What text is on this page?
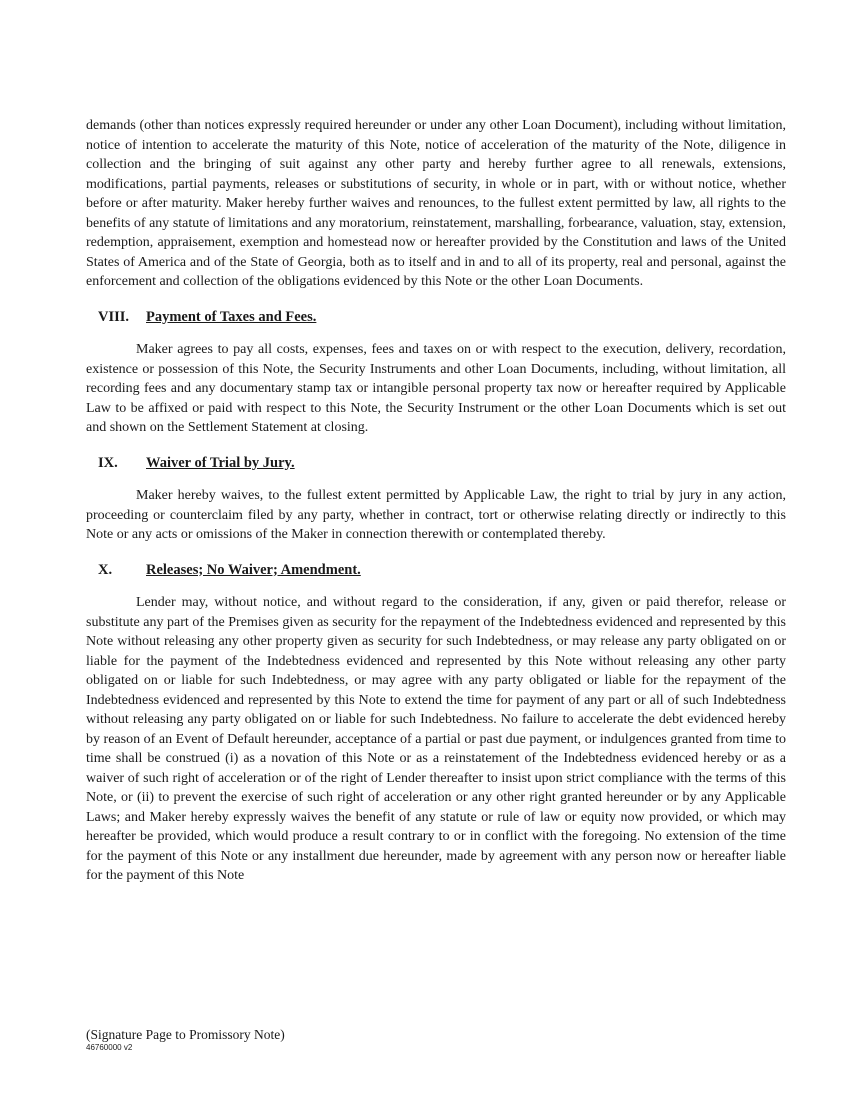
demands (other than notices expressly required hereunder or under any other Loan Document), including without limitation, notice of intention to accelerate the maturity of this Note, notice of acceleration of the maturity of the Note, diligence in collection and the bringing of suit against any other party and hereby further agree to all renewals, extensions, modifications, partial payments, releases or substitutions of security, in whole or in part, with or without notice, whether before or after maturity. Maker hereby further waives and renounces, to the fullest extent permitted by law, all rights to the benefits of any statute of limitations and any moratorium, reinstatement, marshalling, forbearance, valuation, stay, extension, redemption, appraisement, exemption and homestead now or hereafter provided by the Constitution and laws of the United States of America and of the State of Georgia, both as to itself and in and to all of its property, real and personal, against the enforcement and collection of the obligations evidenced by this Note or the other Loan Documents.

VIII.	Payment of Taxes and Fees.

Maker agrees to pay all costs, expenses, fees and taxes on or with respect to the execution, delivery, recordation, existence or possession of this Note, the Security Instruments and other Loan Documents, including, without limitation, all recording fees and any documentary stamp tax or intangible personal property tax now or hereafter required by Applicable Law to be affixed or paid with respect to this Note, the Security Instrument or the other Loan Documents which is set out and shown on the Settlement Statement at closing.

IX.	Waiver of Trial by Jury.

Maker hereby waives, to the fullest extent permitted by Applicable Law, the right to trial by jury in any action, proceeding or counterclaim filed by any party, whether in contract, tort or otherwise relating directly or indirectly to this Note or any acts or omissions of the Maker in connection therewith or contemplated thereby.

X.	Releases; No Waiver; Amendment.

Lender may, without notice, and without regard to the consideration, if any, given or paid therefor, release or substitute any part of the Premises given as security for the repayment of the Indebtedness evidenced and represented by this Note without releasing any other property given as security for such Indebtedness, or may release any party obligated on or liable for the payment of the Indebtedness evidenced and represented by this Note without releasing any other party obligated on or liable for such Indebtedness, or may agree with any party obligated or liable for the repayment of the Indebtedness evidenced and represented by this Note to extend the time for payment of any part or all of such Indebtedness without releasing any party obligated on or liable for such Indebtedness. No failure to accelerate the debt evidenced hereby by reason of an Event of Default hereunder, acceptance of a partial or past due payment, or indulgences granted from time to time shall be construed (i) as a novation of this Note or as a reinstatement of the Indebtedness evidenced hereby or as a waiver of such right of acceleration or of the right of Lender thereafter to insist upon strict compliance with the terms of this Note, or (ii) to prevent the exercise of such right of acceleration or any other right granted hereunder or by any Applicable Laws; and Maker hereby expressly waives the benefit of any statute or rule of law or equity now provided, or which may hereafter be provided, which would produce a result contrary to or in conflict with the foregoing. No extension of the time for the payment of this Note or any installment due hereunder, made by agreement with any person now or hereafter liable for the payment of this Note

(Signature Page to Promissory Note)
46760000 v2
